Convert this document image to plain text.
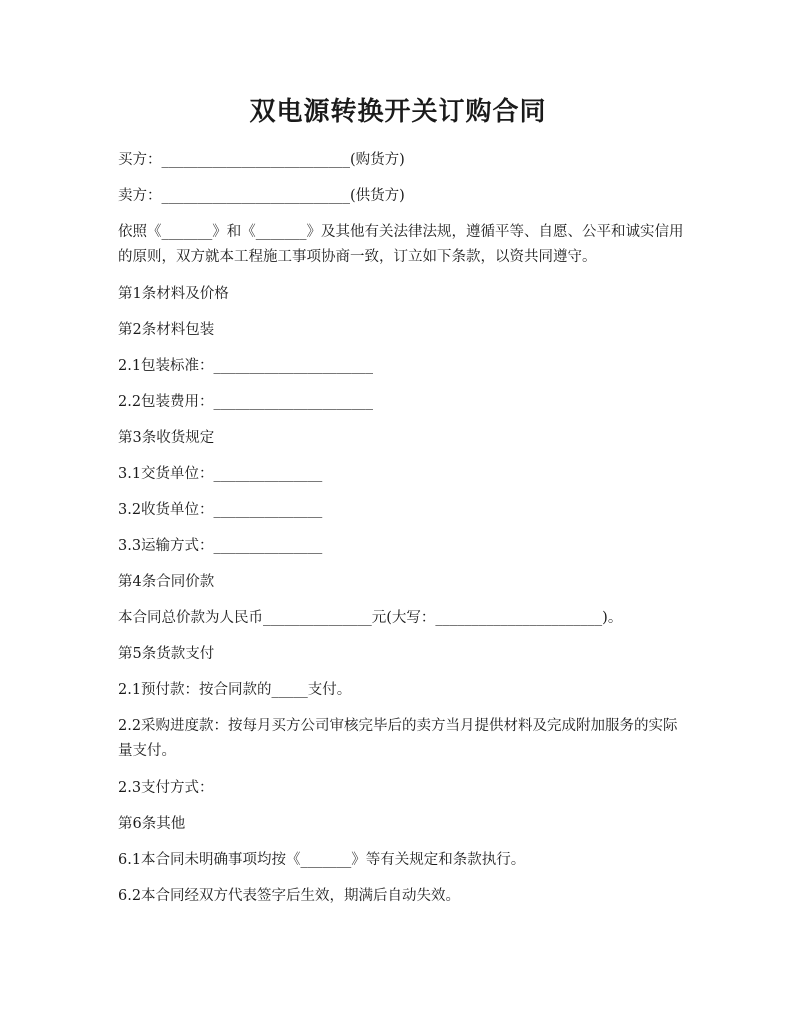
双电源转换开关订购合同
买方：__________________________(购货方)
卖方：__________________________(供货方)
依照《_______》和《_______》及其他有关法律法规，遵循平等、自愿、公平和诚实信用的原则，双方就本工程施工事项协商一致，订立如下条款，以资共同遵守。
第1条材料及价格
第2条材料包装
2.1包装标准：______________________
2.2包装费用：______________________
第3条收货规定
3.1交货单位：_______________
3.2收货单位：_______________
3.3运输方式：_______________
第4条合同价款
本合同总价款为人民币_______________元(大写：_______________________)。
第5条货款支付
2.1预付款：按合同款的_____支付。
2.2采购进度款：按每月买方公司审核完毕后的卖方当月提供材料及完成附加服务的实际量支付。
2.3支付方式：
第6条其他
6.1本合同未明确事项均按《_______》等有关规定和条款执行。
6.2本合同经双方代表签字后生效，期满后自动失效。
